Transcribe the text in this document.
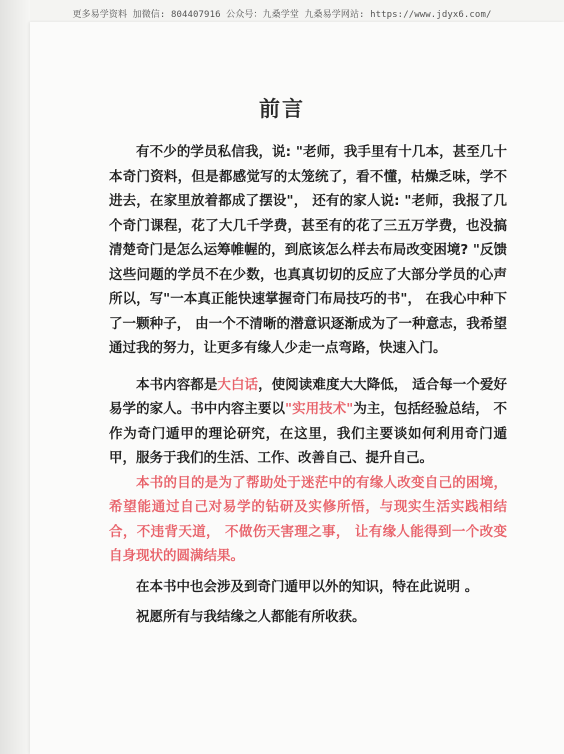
更多易学资料 加微信: 804407916 公众号：九桑学堂 九桑易学网站: https://www.jdyx6.com/
前言

有不少的学员私信我，说: "老师，我手里有十几本，甚至几十本奇门资料，但是都感觉写的太笼统了，看不懂，枯燥乏味，学不进去，在家里放着都成了摆设"， 还有的家人说: "老师，我报了几个奇门课程，花了大几千学费，甚至有的花了三五万学费，也没搞清楚奇门是怎么运筹帷幄的，到底该怎么样去布局改变困境? "反馈这些问题的学员不在少数，也真真切切的反应了大部分学员的心声 所以，写"一本真正能快速掌握奇门布局技巧的书"， 在我心中种下了一颗种子， 由一个不清晰的潜意识逐渐成为了一种意志，我希望通过我的努力，让更多有缘人少走一点弯路，快速入门。

本书内容都是大白话，使阅读难度大大降低， 适合每一个爱好易学的家人。书中内容主要以"实用技术"为主，包括经验总结， 不作为奇门遁甲的理论研究，在这里，我们主要谈如何利用奇门遁甲，服务于我们的生活、工作、改善自己、提升自己。

本书的目的是为了帮助处于迷茫中的有缘人改变自己的困境，希望能通过自己对易学的钻研及实修所悟，与现实生活实践相结合，不违背天道， 不做伤天害理之事， 让有缘人能得到一个改变自身现状的圆满结果。

在本书中也会涉及到奇门遁甲以外的知识，特在此说明 。

祝愿所有与我结缘之人都能有所收获。
